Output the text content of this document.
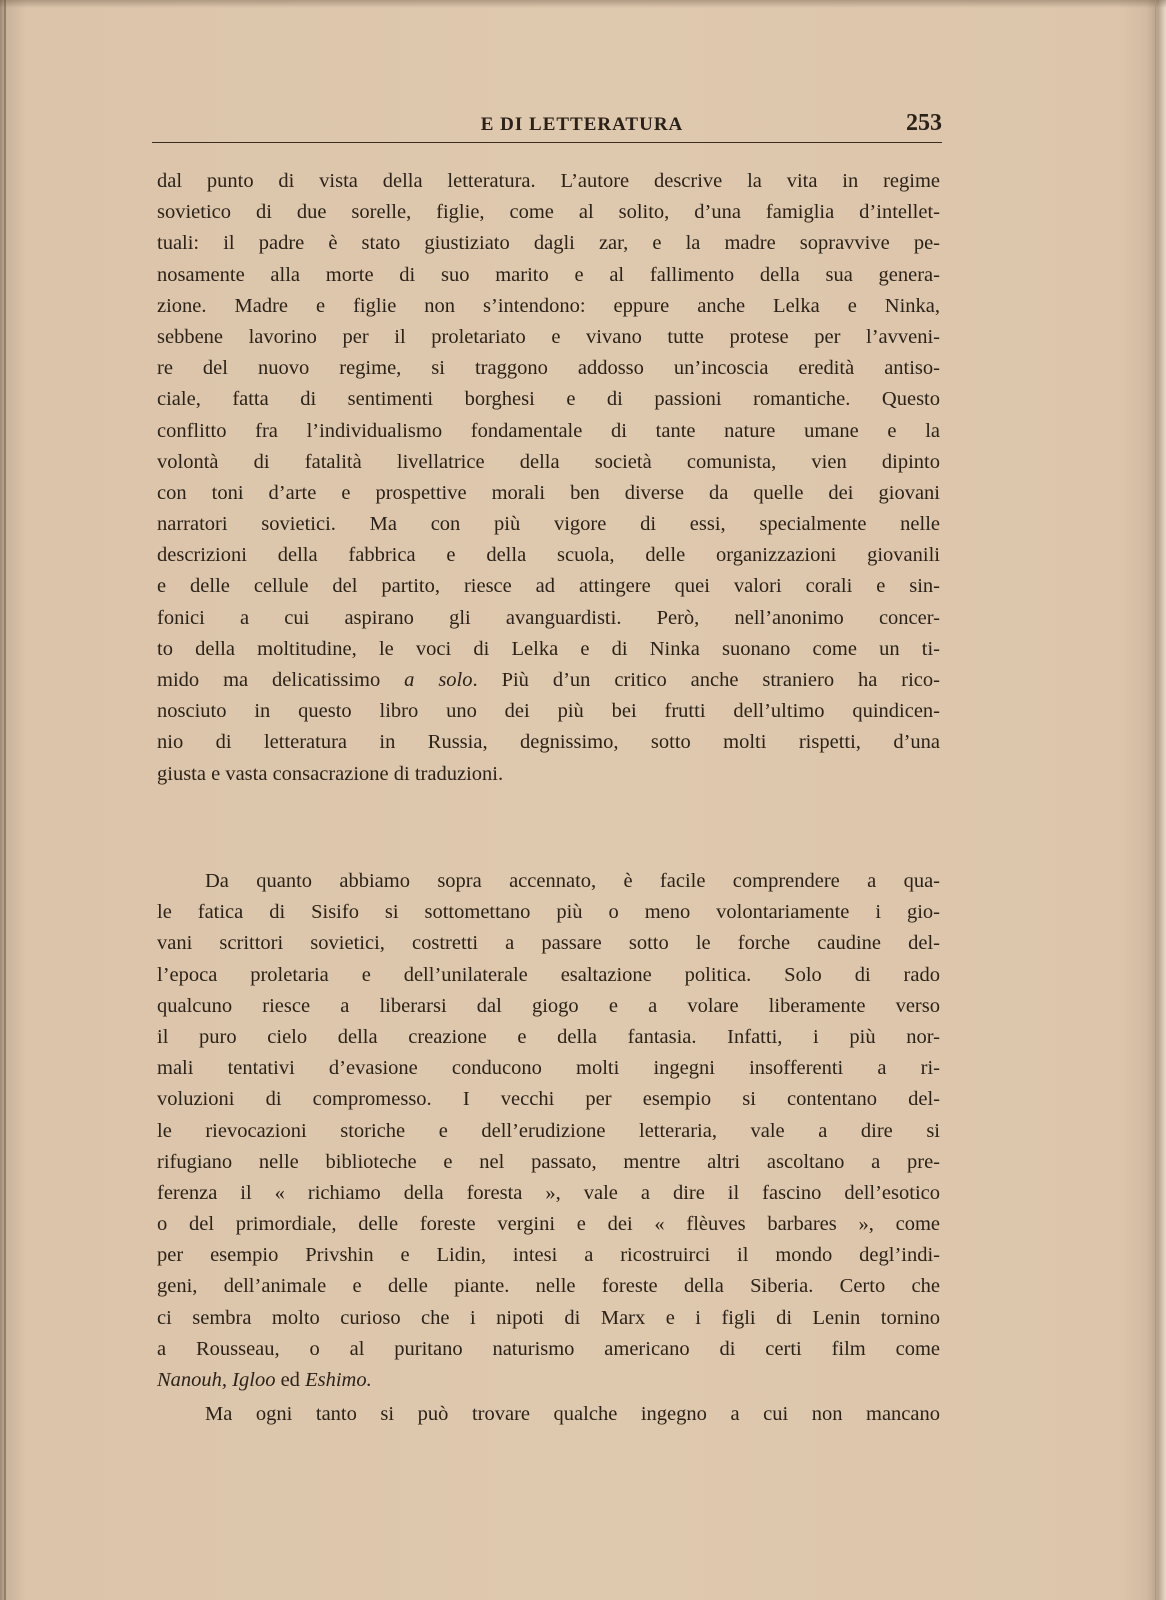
E DI LETTERATURA	253
dal punto di vista della letteratura. L’autore descrive la vita in regime
sovietico di due sorelle, figlie, come al solito, d’una famiglia d’intellet-
tuali: il padre è stato giustiziato dagli zar, e la madre sopravvive pe-
nosamente alla morte di suo marito e al fallimento della sua genera-
zione. Madre e figlie non s’intendono: eppure anche Lelka e Ninka,
sebbene lavorino per il proletariato e vivano tutte protese per l’avveni-
re del nuovo regime, si traggono addosso un’incoscia eredità antiso-
ciale, fatta di sentimenti borghesi e di passioni romantiche. Questo
conflitto fra l’individualismo fondamentale di tante nature umane e la
volontà di fatalità livellatrice della società comunista, vien dipinto
con toni d’arte e prospettive morali ben diverse da quelle dei giovani
narratori sovietici. Ma con più vigore di essi, specialmente nelle
descrizioni della fabbrica e della scuola, delle organizzazioni giovanili
e delle cellule del partito, riesce ad attingere quei valori corali e sin-
fonici a cui aspirano gli avanguardisti. Però, nell’anonimo concer-
to della moltitudine, le voci di Lelka e di Ninka suonano come un ti-
mido ma delicatissimo a solo. Più d’un critico anche straniero ha rico-
nosciuto in questo libro uno dei più bei frutti dell’ultimo quindicen-
nio di letteratura in Russia, degnissimo, sotto molti rispetti, d’una
giusta e vasta consacrazione di traduzioni.
Da quanto abbiamo sopra accennato, è facile comprendere a qua-
le fatica di Sisifo si sottomettano più o meno volontariamente i gio-
vani scrittori sovietici, costretti a passare sotto le forche caudine del-
l’epoca proletaria e dell’unilaterale esaltazione politica. Solo di rado
qualcuno riesce a liberarsi dal giogo e a volare liberamente verso
il puro cielo della creazione e della fantasia. Infatti, i più nor-
mali tentativi d’evasione conducono molti ingegni insofferenti a ri-
voluzioni di compromesso. I vecchi per esempio si contentano del-
le rievocazioni storiche e dell’erudizione letteraria, vale a dire si
rifugiano nelle biblioteche e nel passato, mentre altri ascoltano a pre-
ferenza il « richiamo della foresta », vale a dire il fascino dell’esotico
o del primordiale, delle foreste vergini e dei « flèuves barbares », come
per esempio Privshin e Lidin, intesi a ricostruirci il mondo degl’indi-
geni, dell’animale e delle piante. nelle foreste della Siberia. Certo che
ci sembra molto curioso che i nipoti di Marx e i figli di Lenin tornino
a Rousseau, o al puritano naturismo americano di certi film come
Nanouh, Igloo ed Eshimo.
Ma ogni tanto si può trovare qualche ingegno a cui non mancano
